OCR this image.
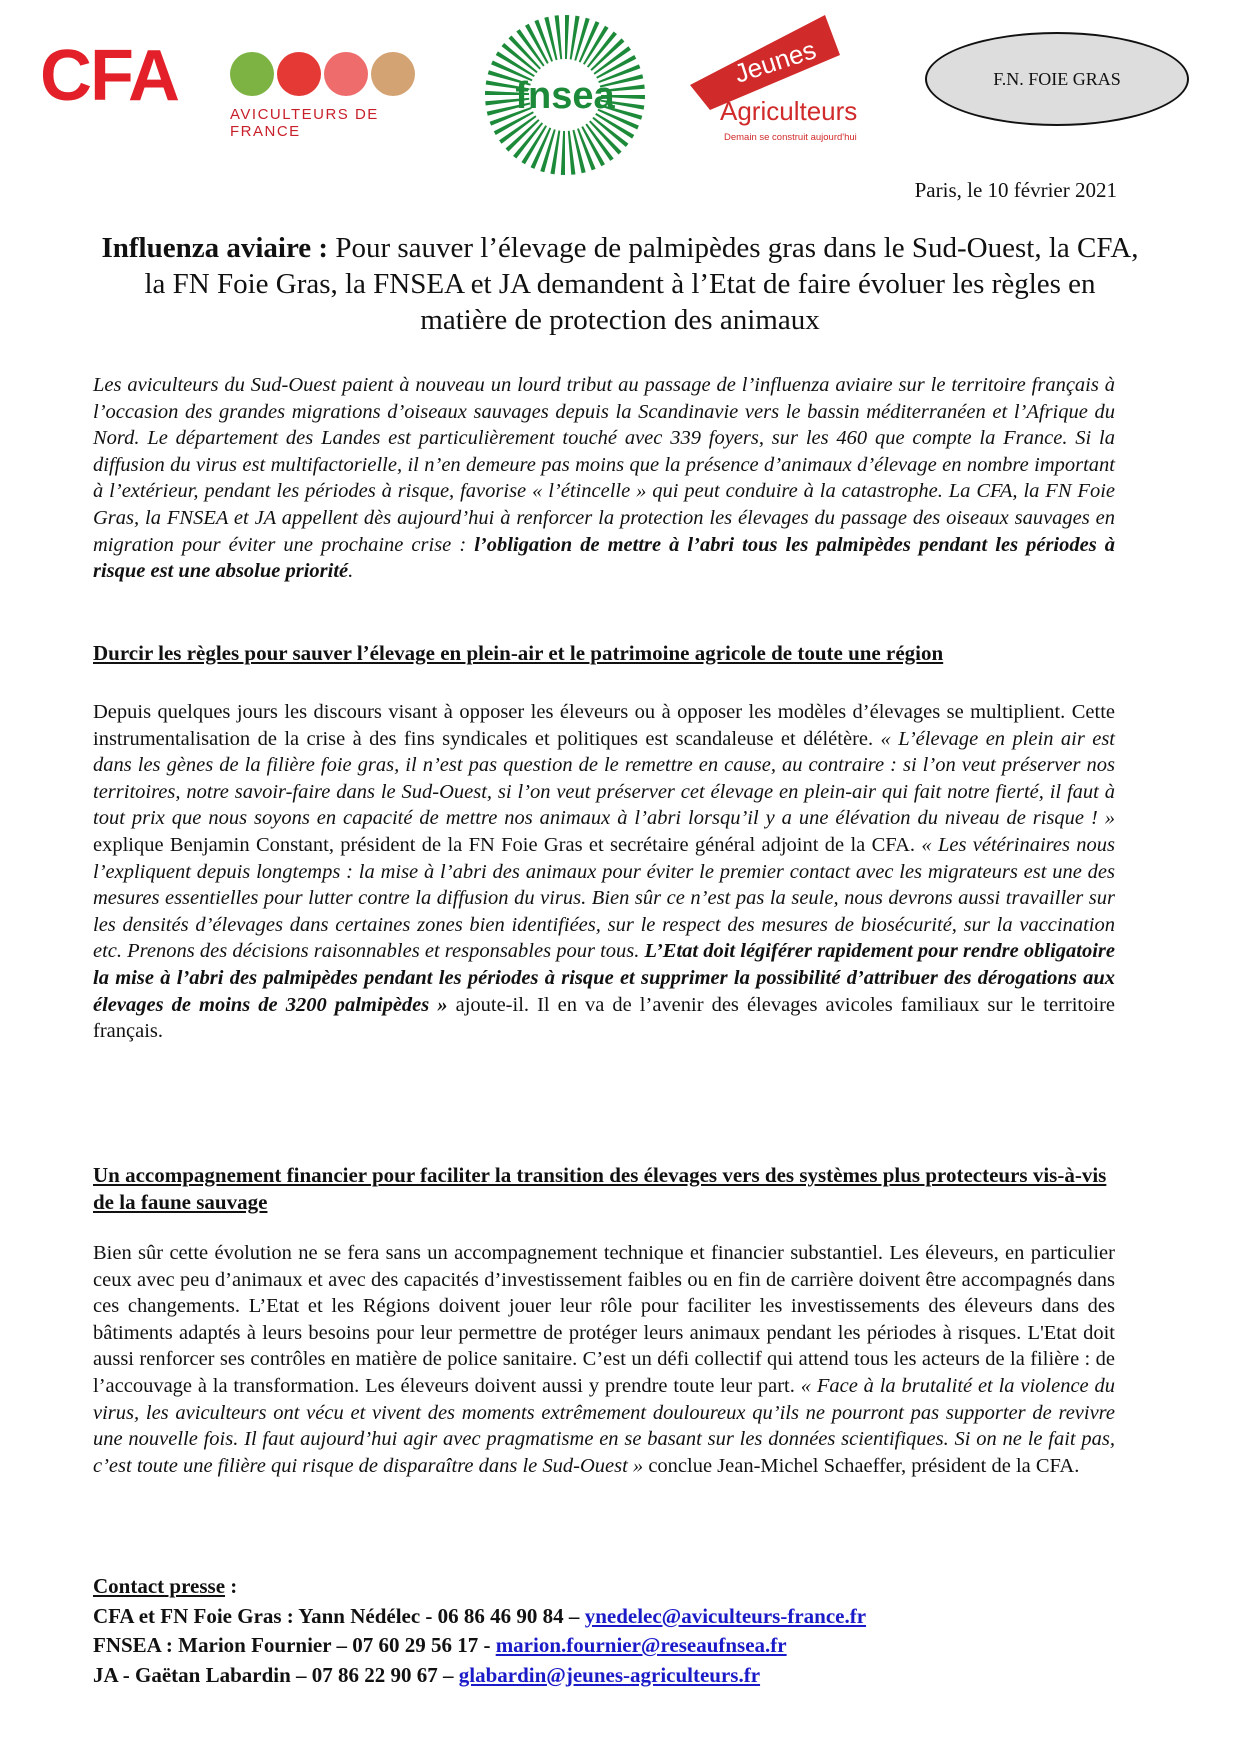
CFA	AVICULTEURS DE FRANCE
fnsea
Jeunes
Agriculteurs
Demain se construit aujourd'hui
F.N. FOIE GRAS
Paris, le 10 février 2021
Influenza aviaire : Pour sauver l’élevage de palmipèdes gras dans le Sud-Ouest, la CFA, la FN Foie Gras, la FNSEA et JA demandent à l’Etat de faire évoluer les règles en matière de protection des animaux
Les aviculteurs du Sud-Ouest paient à nouveau un lourd tribut au passage de l’influenza aviaire sur le territoire français à l’occasion des grandes migrations d’oiseaux sauvages depuis la Scandinavie vers le bassin méditerranéen et l’Afrique du Nord. Le département des Landes est particulièrement touché avec 339 foyers, sur les 460 que compte la France. Si la diffusion du virus est multifactorielle, il n’en demeure pas moins que la présence d’animaux d’élevage en nombre important à l’extérieur, pendant les périodes à risque, favorise « l’étincelle » qui peut conduire à la catastrophe. La CFA, la FN Foie Gras, la FNSEA et JA appellent dès aujourd’hui à renforcer la protection les élevages du passage des oiseaux sauvages en migration pour éviter une prochaine crise : l’obligation de mettre à l’abri tous les palmipèdes pendant les périodes à risque est une absolue priorité.
Durcir les règles pour sauver l’élevage en plein-air et le patrimoine agricole de toute une région
Depuis quelques jours les discours visant à opposer les éleveurs ou à opposer les modèles d’élevages se multiplient. Cette instrumentalisation de la crise à des fins syndicales et politiques est scandaleuse et délétère. « L’élevage en plein air est dans les gènes de la filière foie gras, il n’est pas question de le remettre en cause, au contraire : si l’on veut préserver nos territoires, notre savoir-faire dans le Sud-Ouest, si l’on veut préserver cet élevage en plein-air qui fait notre fierté, il faut à tout prix que nous soyons en capacité de mettre nos animaux à l’abri lorsqu’il y a une élévation du niveau de risque ! » explique Benjamin Constant, président de la FN Foie Gras et secrétaire général adjoint de la CFA. « Les vétérinaires nous l’expliquent depuis longtemps : la mise à l’abri des animaux pour éviter le premier contact avec les migrateurs est une des mesures essentielles pour lutter contre la diffusion du virus. Bien sûr ce n’est pas la seule, nous devrons aussi travailler sur les densités d’élevages dans certaines zones bien identifiées, sur le respect des mesures de biosécurité, sur la vaccination etc. Prenons des décisions raisonnables et responsables pour tous. L’Etat doit légiférer rapidement pour rendre obligatoire la mise à l’abri des palmipèdes pendant les périodes à risque et supprimer la possibilité d’attribuer des dérogations aux élevages de moins de 3200 palmipèdes » ajoute-il. Il en va de l’avenir des élevages avicoles familiaux sur le territoire français.
Un accompagnement financier pour faciliter la transition des élevages vers des systèmes plus protecteurs vis-à-vis de la faune sauvage
Bien sûr cette évolution ne se fera sans un accompagnement technique et financier substantiel. Les éleveurs, en particulier ceux avec peu d’animaux et avec des capacités d’investissement faibles ou en fin de carrière doivent être accompagnés dans ces changements. L’Etat et les Régions doivent jouer leur rôle pour faciliter les investissements des éleveurs dans des bâtiments adaptés à leurs besoins pour leur permettre de protéger leurs animaux pendant les périodes à risques. L'Etat doit aussi renforcer ses contrôles en matière de police sanitaire. C’est un défi collectif qui attend tous les acteurs de la filière : de l’accouvage à la transformation. Les éleveurs doivent aussi y prendre toute leur part. « Face à la brutalité et la violence du virus, les aviculteurs ont vécu et vivent des moments extrêmement douloureux qu’ils ne pourront pas supporter de revivre une nouvelle fois. Il faut aujourd’hui agir avec pragmatisme en se basant sur les données scientifiques. Si on ne le fait pas, c’est toute une filière qui risque de disparaître dans le Sud-Ouest » conclue Jean-Michel Schaeffer, président de la CFA.
Contact presse :
CFA et FN Foie Gras : Yann Nédélec - 06 86 46 90 84 – ynedelec@aviculteurs-france.fr
FNSEA : Marion Fournier – 07 60 29 56 17 - marion.fournier@reseaufnsea.fr
JA - Gaëtan Labardin – 07 86 22 90 67 – glabardin@jeunes-agriculteurs.fr
